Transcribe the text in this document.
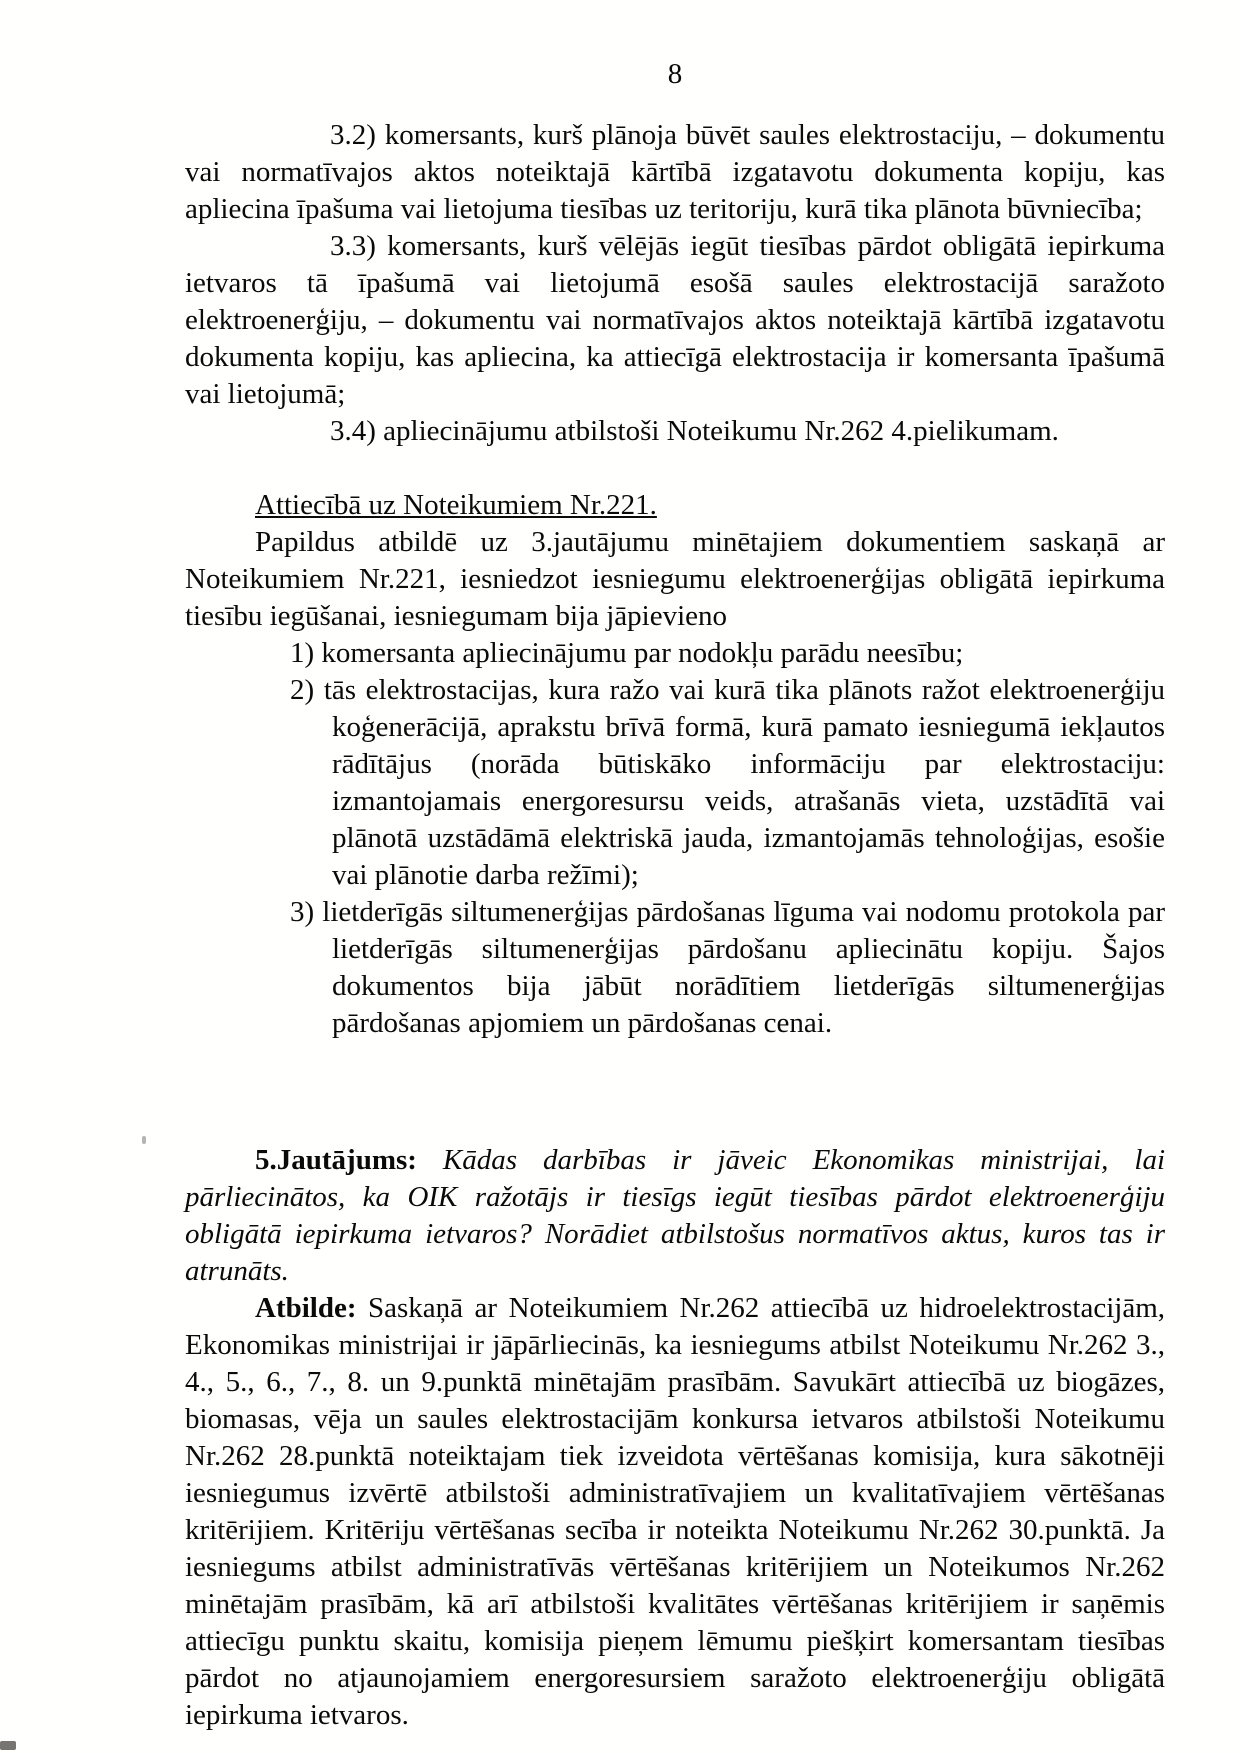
8

3.2) komersants, kurš plānoja būvēt saules elektrostaciju, – dokumentu vai normatīvajos aktos noteiktajā kārtībā izgatavotu dokumenta kopiju, kas apliecina īpašuma vai lietojuma tiesības uz teritoriju, kurā tika plānota būvniecība;

3.3) komersants, kurš vēlējās iegūt tiesības pārdot obligātā iepirkuma ietvaros tā īpašumā vai lietojumā esošā saules elektrostacijā saražoto elektroenerģiju, – dokumentu vai normatīvajos aktos noteiktajā kārtībā izgatavotu dokumenta kopiju, kas apliecina, ka attiecīgā elektrostacija ir komersanta īpašumā vai lietojumā;

3.4) apliecinājumu atbilstoši Noteikumu Nr.262 4.pielikumam.

Attiecībā uz Noteikumiem Nr.221.

Papildus atbildē uz 3.jautājumu minētajiem dokumentiem saskaņā ar Noteikumiem Nr.221, iesniedzot iesniegumu elektroenerģijas obligātā iepirkuma tiesību iegūšanai, iesniegumam bija jāpievieno

1) komersanta apliecinājumu par nodokļu parādu neesību;
2) tās elektrostacijas, kura ražo vai kurā tika plānots ražot elektroenerģiju koģenerācijā, aprakstu brīvā formā, kurā pamato iesniegumā iekļautos rādītājus (norāda būtiskāko informāciju par elektrostaciju: izmantojamais energoresursu veids, atrašanās vieta, uzstādītā vai plānotā uzstādāmā elektriskā jauda, izmantojamās tehnoloģijas, esošie vai plānotie darba režīmi);
3) lietderīgās siltumenerģijas pārdošanas līguma vai nodomu protokola par lietderīgās siltumenerģijas pārdošanu apliecinātu kopiju. Šajos dokumentos bija jābūt norādītiem lietderīgās siltumenerģijas pārdošanas apjomiem un pārdošanas cenai.

5.Jautājums: Kādas darbības ir jāveic Ekonomikas ministrijai, lai pārliecinātos, ka OIK ražotājs ir tiesīgs iegūt tiesības pārdot elektroenerģiju obligātā iepirkuma ietvaros? Norādiet atbilstošus normatīvos aktus, kuros tas ir atrunāts.

Atbilde: Saskaņā ar Noteikumiem Nr.262 attiecībā uz hidroelektrostacijām, Ekonomikas ministrijai ir jāpārliecinās, ka iesniegums atbilst Noteikumu Nr.262 3., 4., 5., 6., 7., 8. un 9.punktā minētajām prasībām. Savukārt attiecībā uz biogāzes, biomasas, vēja un saules elektrostacijām konkursa ietvaros atbilstoši Noteikumu Nr.262 28.punktā noteiktajam tiek izveidota vērtēšanas komisija, kura sākotnēji iesniegumus izvērtē atbilstoši administratīvajiem un kvalitatīvajiem vērtēšanas kritērijiem. Kritēriju vērtēšanas secība ir noteikta Noteikumu Nr.262 30.punktā. Ja iesniegums atbilst administratīvās vērtēšanas kritērijiem un Noteikumos Nr.262 minētajām prasībām, kā arī atbilstoši kvalitātes vērtēšanas kritērijiem ir saņēmis attiecīgu punktu skaitu, komisija pieņem lēmumu piešķirt komersantam tiesības pārdot no atjaunojamiem energoresursiem saražoto elektroenerģiju obligātā iepirkuma ietvaros.
